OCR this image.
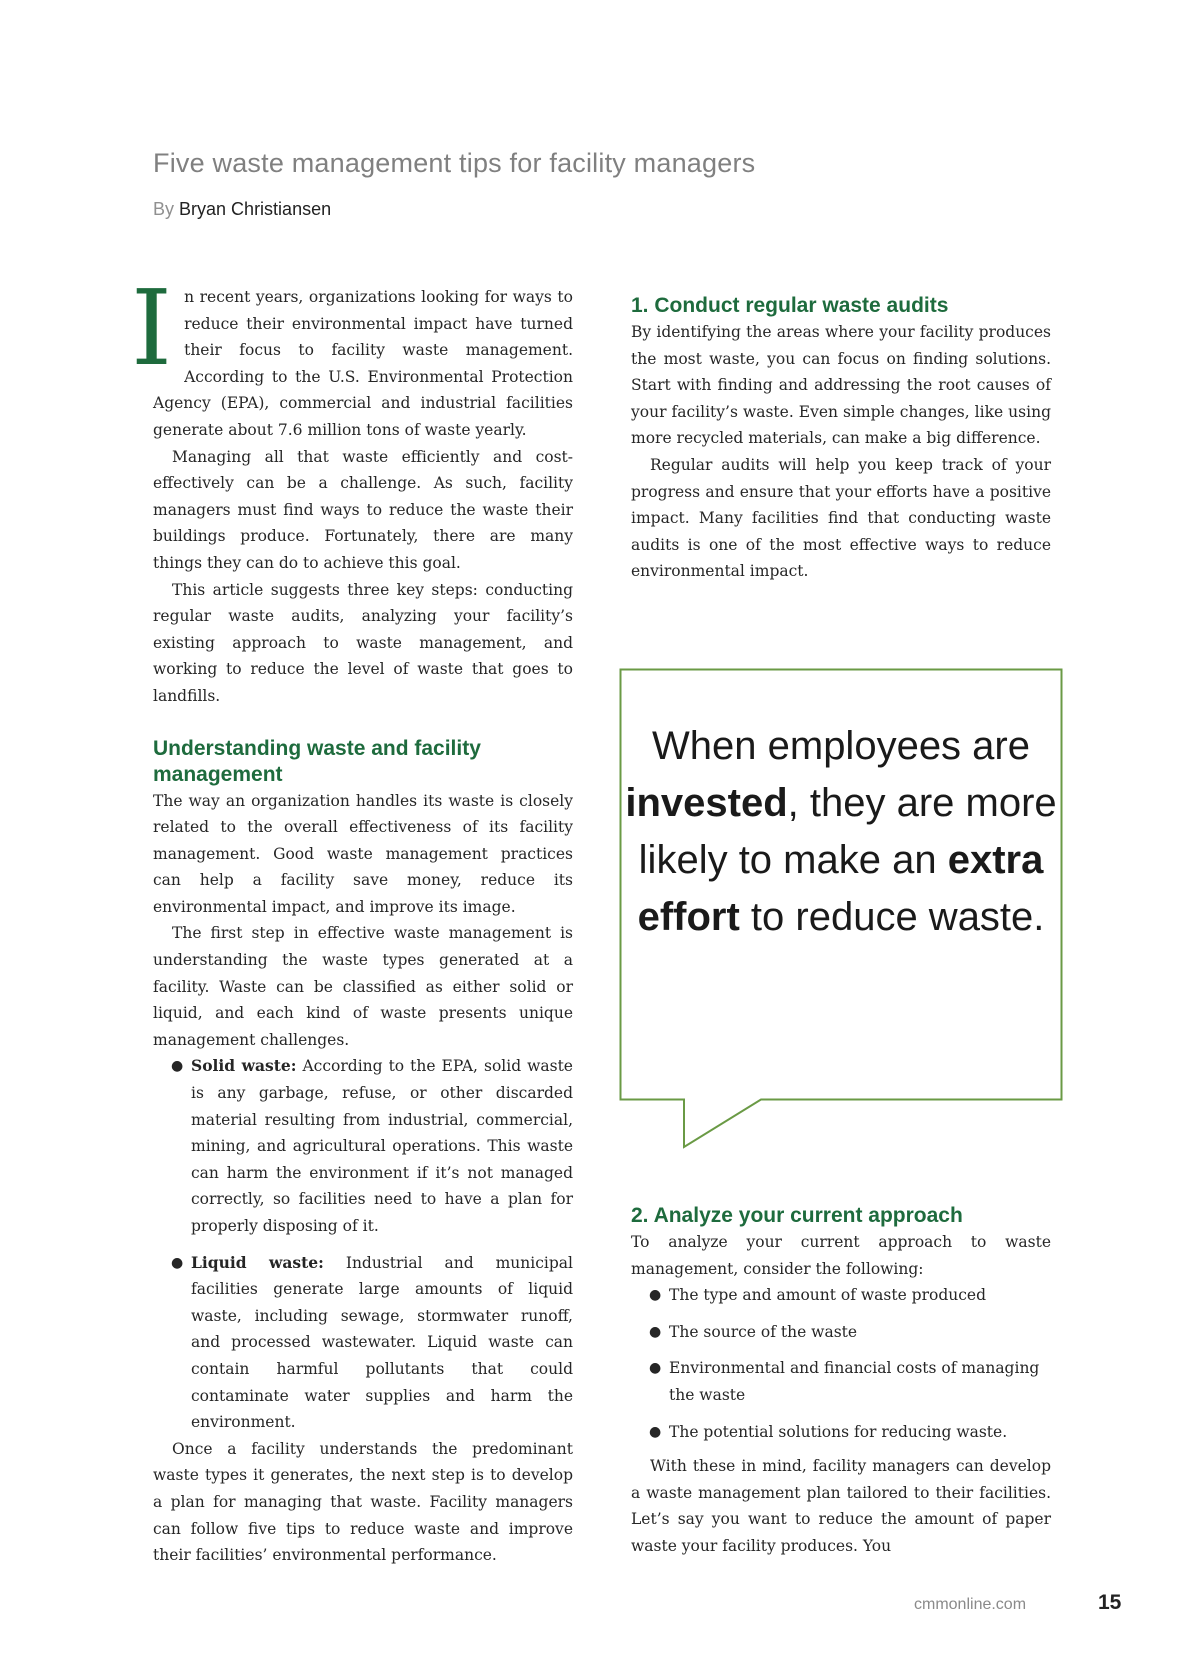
Five waste management tips for facility managers
By Bryan Christiansen

In recent years, organizations looking for ways to reduce their environmental impact have turned their focus to facility waste management. According to the U.S. Environmental Protection Agency (EPA), commercial and industrial facilities generate about 7.6 million tons of waste yearly.

Managing all that waste efficiently and cost-effectively can be a challenge. As such, facility managers must find ways to reduce the waste their buildings produce. Fortunately, there are many things they can do to achieve this goal.

This article suggests three key steps: conducting regular waste audits, analyzing your facility’s existing approach to waste management, and working to reduce the level of waste that goes to landfills.

Understanding waste and facility management

The way an organization handles its waste is closely related to the overall effectiveness of its facility management. Good waste management practices can help a facility save money, reduce its environmental impact, and improve its image.

The first step in effective waste management is understanding the waste types generated at a facility. Waste can be classified as either solid or liquid, and each kind of waste presents unique management challenges.

● Solid waste: According to the EPA, solid waste is any garbage, refuse, or other discarded material resulting from industrial, commercial, mining, and agricultural operations. This waste can harm the environment if it’s not managed correctly, so facilities need to have a plan for properly disposing of it.
● Liquid waste: Industrial and municipal facilities generate large amounts of liquid waste, including sewage, stormwater runoff, and processed wastewater. Liquid waste can contain harmful pollutants that could contaminate water supplies and harm the environment.

Once a facility understands the predominant waste types it generates, the next step is to develop a plan for managing that waste. Facility managers can follow five tips to reduce waste and improve their facilities’ environmental performance.

1. Conduct regular waste audits

By identifying the areas where your facility produces the most waste, you can focus on finding solutions. Start with finding and addressing the root causes of your facility’s waste. Even simple changes, like using more recycled materials, can make a big difference.

Regular audits will help you keep track of your progress and ensure that your efforts have a positive impact. Many facilities find that conducting waste audits is one of the most effective ways to reduce environmental impact.

When employees are invested, they are more likely to make an extra effort to reduce waste.
2. Analyze your current approach

To analyze your current approach to waste management, consider the following:

● The type and amount of waste produced
● The source of the waste
● Environmental and financial costs of managing the waste
● The potential solutions for reducing waste.

With these in mind, facility managers can develop a waste management plan tailored to their facilities. Let’s say you want to reduce the amount of paper waste your facility produces. You

cmmonline.com	15
